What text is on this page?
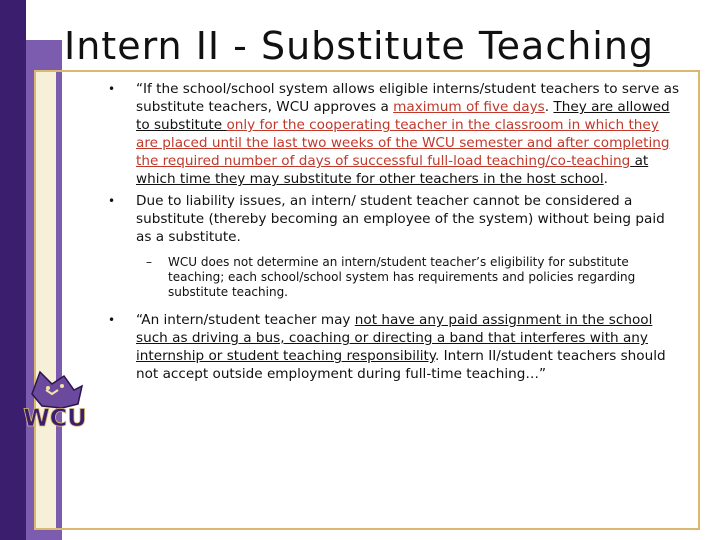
Intern II - Substitute Teaching
• “If the school/school system allows eligible interns/student teachers to serve as substitute teachers, WCU approves a maximum of five days. They are allowed to substitute only for the cooperating teacher in the classroom in which they are placed until the last two weeks of the WCU semester and after completing the required number of days of successful full-load teaching/co-teaching at which time they may substitute for other teachers in the host school.
• Due to liability issues, an intern/ student teacher cannot be considered a substitute (thereby becoming an employee of the system) without being paid as a substitute.
– WCU does not determine an intern/student teacher’s eligibility for substitute teaching; each school/school system has requirements and policies regarding substitute teaching.
• “An intern/student teacher may not have any paid assignment in the school such as driving a bus, coaching or directing a band that interferes with any internship or student teaching responsibility. Intern II/student teachers should not accept outside employment during full-time teaching…”
WCU
